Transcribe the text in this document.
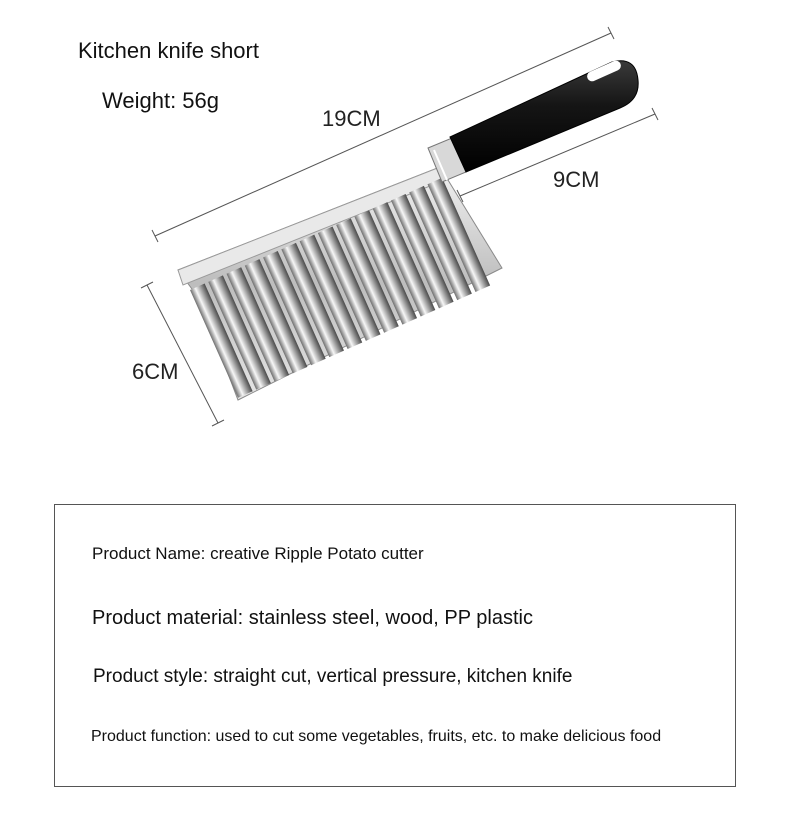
Kitchen knife short
Weight: 56g
19CM
9CM
6CM
Product Name: creative Ripple Potato cutter
Product material: stainless steel, wood, PP plastic
Product style: straight cut, vertical pressure, kitchen knife
Product function: used to cut some vegetables, fruits, etc. to make delicious food
